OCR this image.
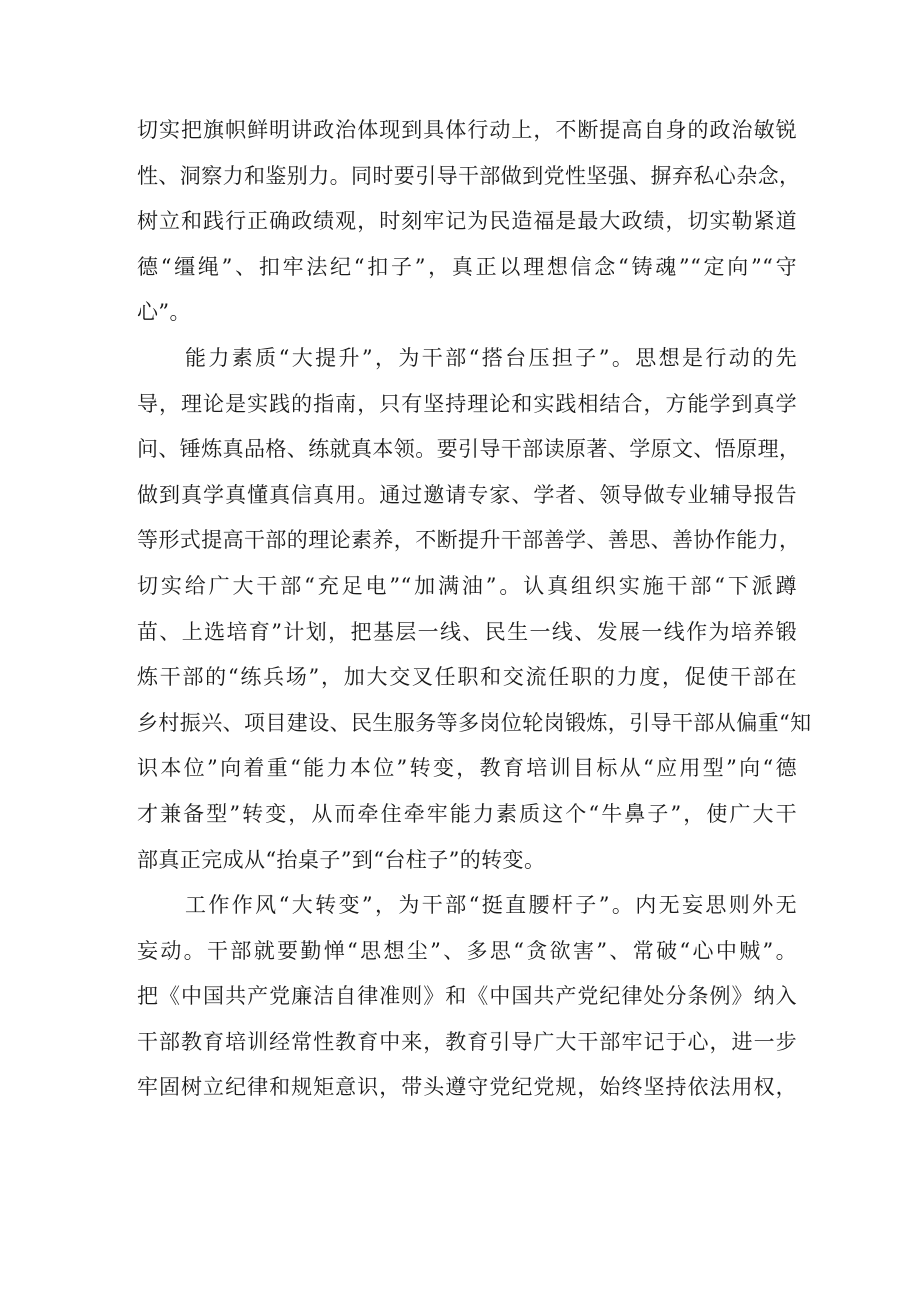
切实把旗帜鲜明讲政治体现到具体行动上，不断提高自身的政治敏锐
性、洞察力和鉴别力。同时要引导干部做到党性坚强、摒弃私心杂念，
树立和践行正确政绩观，时刻牢记为民造福是最大政绩，切实勒紧道
德“缰绳”、扣牢法纪“扣子”，真正以理想信念“铸魂”“定向”“守
心”。

能力素质“大提升”，为干部“搭台压担子”。思想是行动的先
导，理论是实践的指南，只有坚持理论和实践相结合，方能学到真学
问、锤炼真品格、练就真本领。要引导干部读原著、学原文、悟原理，
做到真学真懂真信真用。通过邀请专家、学者、领导做专业辅导报告
等形式提高干部的理论素养，不断提升干部善学、善思、善协作能力，
切实给广大干部“充足电”“加满油”。认真组织实施干部“下派蹲
苗、上选培育”计划，把基层一线、民生一线、发展一线作为培养锻
炼干部的“练兵场”，加大交叉任职和交流任职的力度，促使干部在
乡村振兴、项目建设、民生服务等多岗位轮岗锻炼，引导干部从偏重“知
识本位”向着重“能力本位”转变，教育培训目标从“应用型”向“德
才兼备型”转变，从而牵住牵牢能力素质这个“牛鼻子”，使广大干
部真正完成从“抬桌子”到“台柱子”的转变。

工作作风“大转变”，为干部“挺直腰杆子”。内无妄思则外无
妄动。干部就要勤惮“思想尘”、多思“贪欲害”、常破“心中贼”。
把《中国共产党廉洁自律准则》和《中国共产党纪律处分条例》纳入
干部教育培训经常性教育中来，教育引导广大干部牢记于心，进一步
牢固树立纪律和规矩意识，带头遵守党纪党规，始终坚持依法用权，
